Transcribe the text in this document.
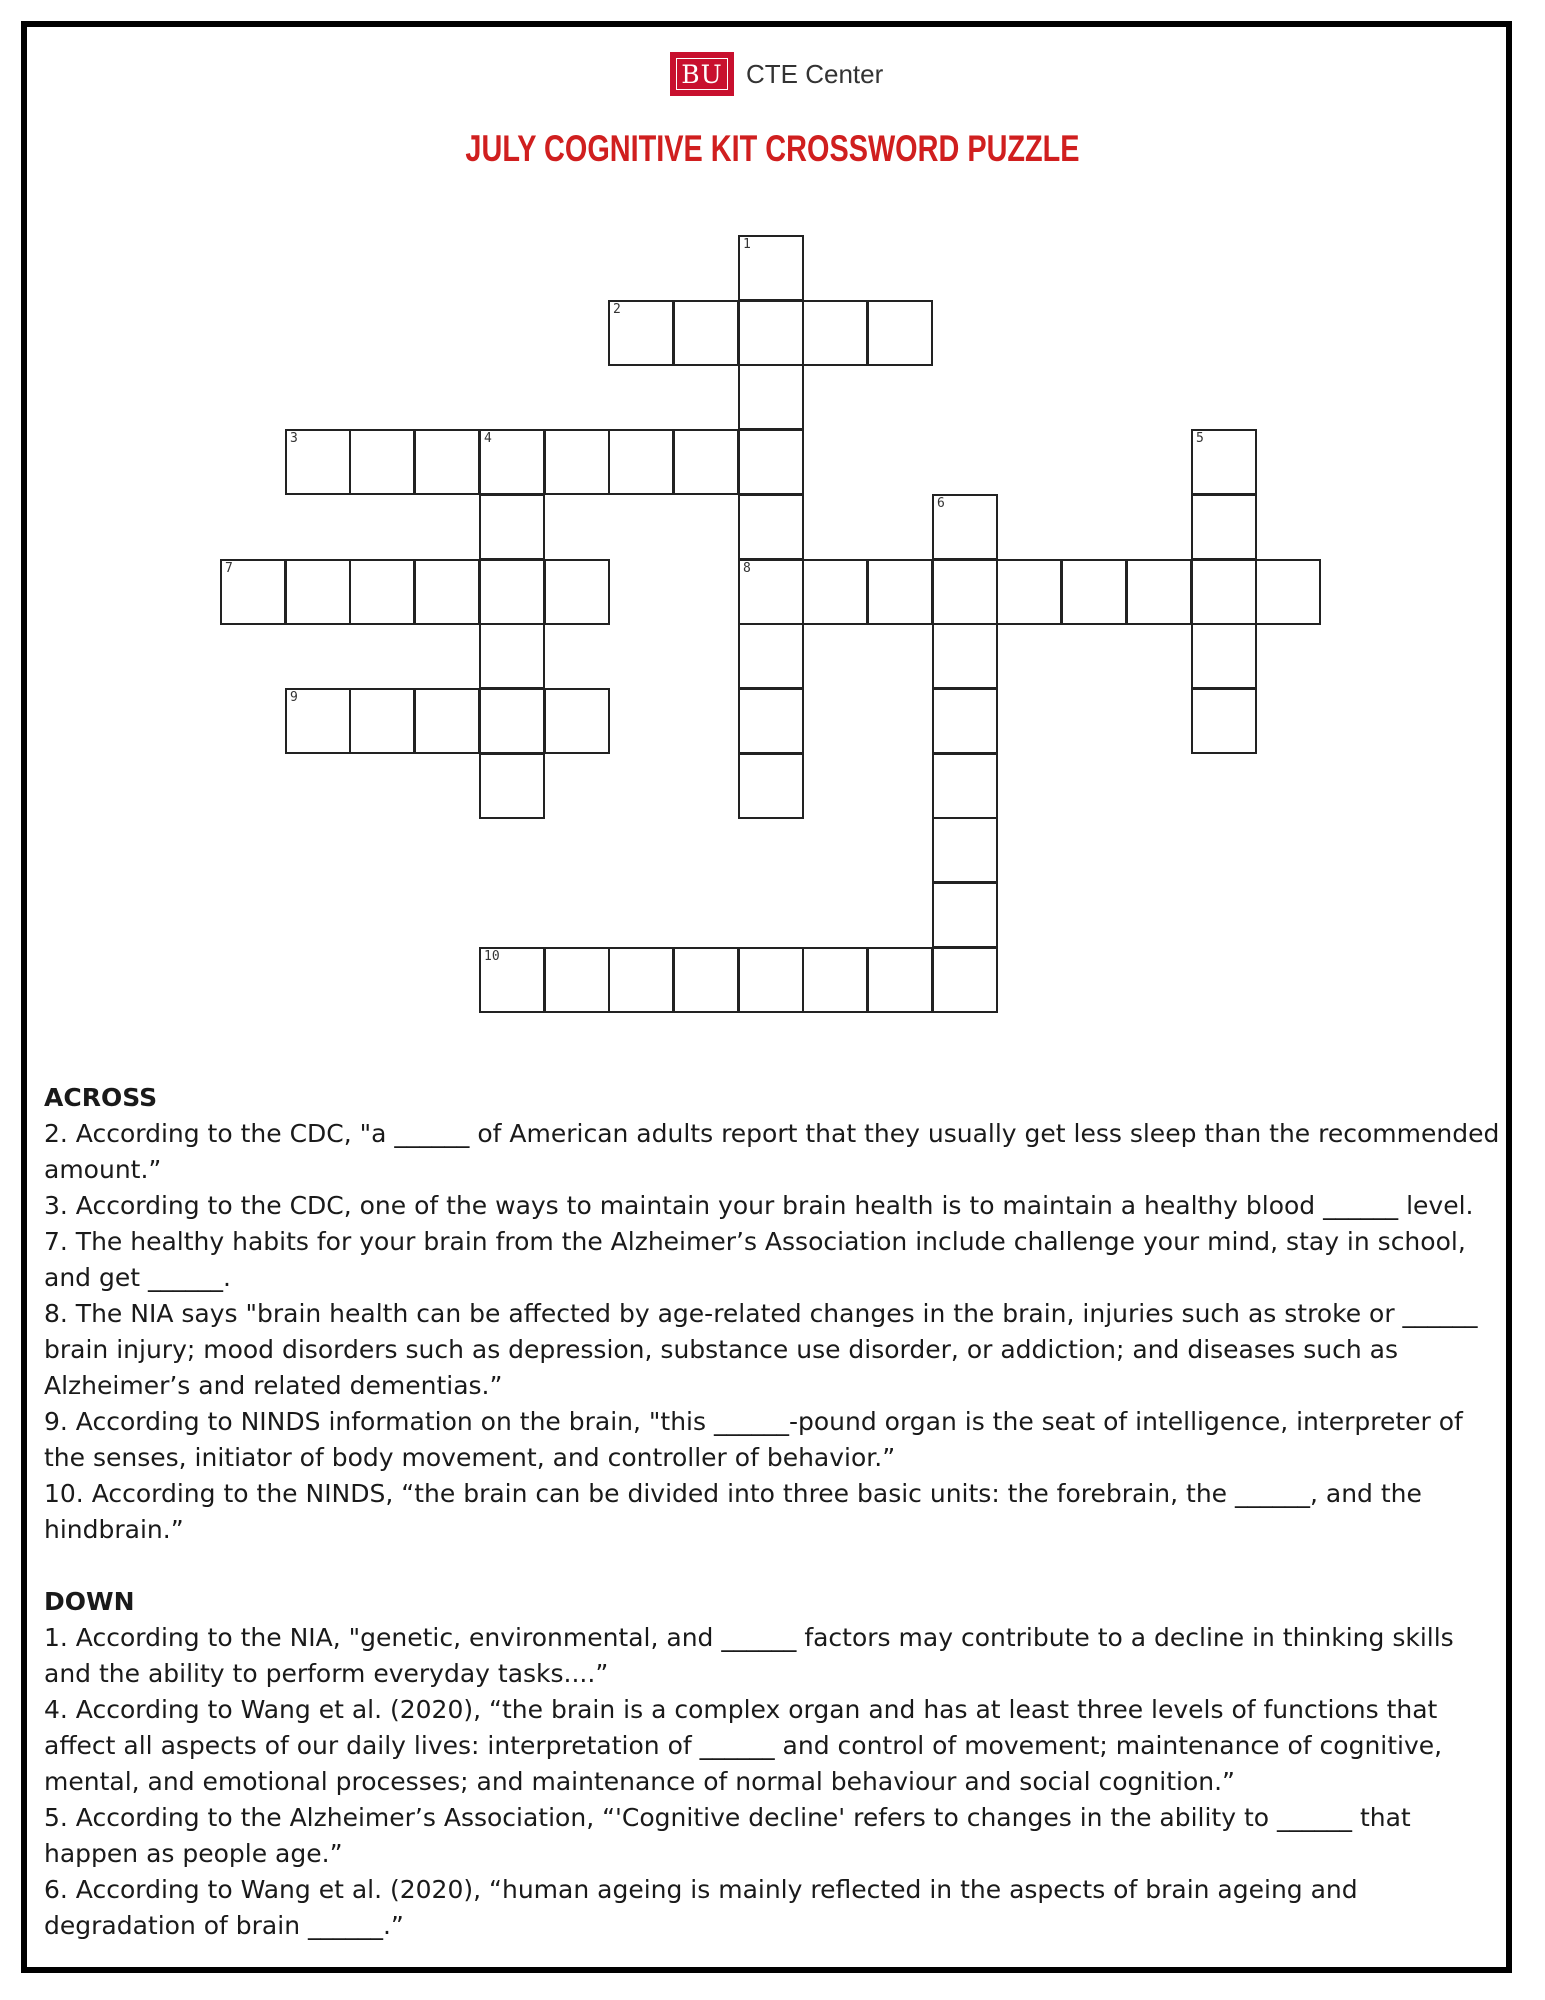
BU CTE Center
JULY COGNITIVE KIT CROSSWORD PUZZLE
1
8
2
3	4	5
6
7
9
10
ACROSS
2. According to the CDC, "a ______ of American adults report that they usually get less sleep than the recommended amount.”
3. According to the CDC, one of the ways to maintain your brain health is to maintain a healthy blood ______ level.
7. The healthy habits for your brain from the Alzheimer’s Association include challenge your mind, stay in school, and get ______.
8. The NIA says "brain health can be affected by age-related changes in the brain, injuries such as stroke or ______ brain injury; mood disorders such as depression, substance use disorder, or addiction; and diseases such as Alzheimer’s and related dementias.”
9. According to NINDS information on the brain, "this ______-pound organ is the seat of intelligence, interpreter of the senses, initiator of body movement, and controller of behavior.”
10. According to the NINDS, “the brain can be divided into three basic units: the forebrain, the ______, and the hindbrain.”
DOWN
1. According to the NIA, "genetic, environmental, and ______ factors may contribute to a decline in thinking skills and the ability to perform everyday tasks....”
4. According to Wang et al. (2020), “the brain is a complex organ and has at least three levels of functions that affect all aspects of our daily lives: interpretation of ______ and control of movement; maintenance of cognitive, mental, and emotional processes; and maintenance of normal behaviour and social cognition.”
5. According to the Alzheimer’s Association, “'Cognitive decline' refers to changes in the ability to ______ that happen as people age.”
6. According to Wang et al. (2020), “human ageing is mainly reflected in the aspects of brain ageing and degradation of brain ______.”
